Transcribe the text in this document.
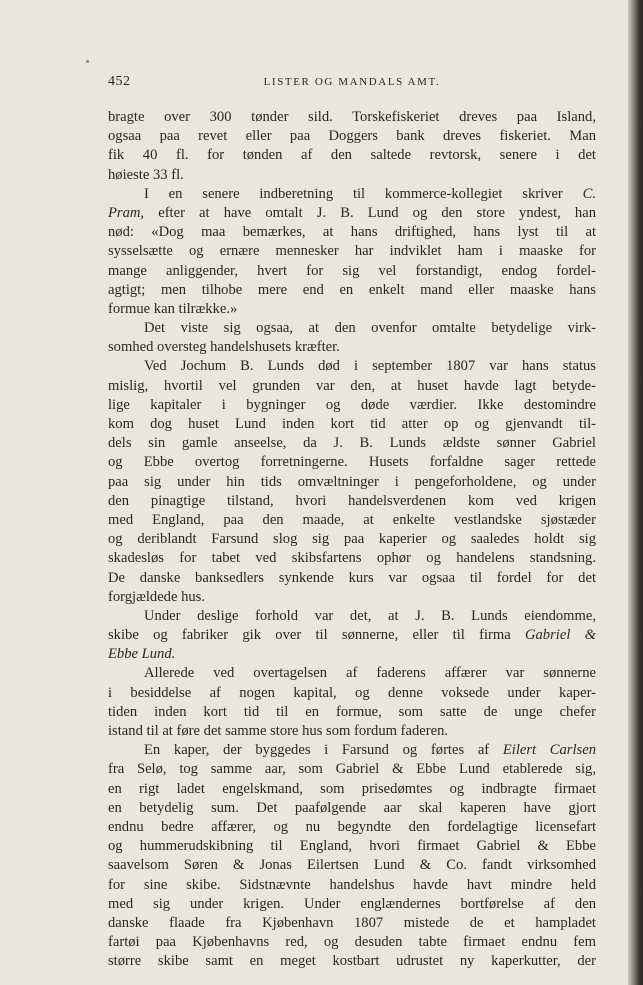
452	LISTER OG MANDALS AMT.
bragte over 300 tønder sild. Torskefiskeriet dreves paa Island,
ogsaa paa revet eller paa Doggers bank dreves fiskeriet. Man
fik 40 fl. for tønden af den saltede revtorsk, senere i det
høieste 33 fl.
I en senere indberetning til kommerce-kollegiet skriver C.
Pram, efter at have omtalt J. B. Lund og den store yndest, han
nød: «Dog maa bemærkes, at hans driftighed, hans lyst til at
sysselsætte og ernære mennesker har indviklet ham i maaske for
mange anliggender, hvert for sig vel forstandigt, endog fordel-
agtigt; men tilhobe mere end en enkelt mand eller maaske hans
formue kan tilrække.»
Det viste sig ogsaa, at den ovenfor omtalte betydelige virk-
somhed oversteg handelshusets kræfter.
Ved Jochum B. Lunds død i september 1807 var hans status
mislig, hvortil vel grunden var den, at huset havde lagt betyde-
lige kapitaler i bygninger og døde værdier. Ikke destomindre
kom dog huset Lund inden kort tid atter op og gjenvandt til-
dels sin gamle anseelse, da J. B. Lunds ældste sønner Gabriel
og Ebbe overtog forretningerne. Husets forfaldne sager rettede
paa sig under hin tids omvæltninger i pengeforholdene, og under
den pinagtige tilstand, hvori handelsverdenen kom ved krigen
med England, paa den maade, at enkelte vestlandske sjøstæder
og deriblandt Farsund slog sig paa kaperier og saaledes holdt sig
skadesløs for tabet ved skibsfartens ophør og handelens standsning.
De danske banksedlers synkende kurs var ogsaa til fordel for det
forgjældede hus.
Under deslige forhold var det, at J. B. Lunds eiendomme,
skibe og fabriker gik over til sønnerne, eller til firma Gabriel &
Ebbe Lund.
Allerede ved overtagelsen af faderens affærer var sønnerne
i besiddelse af nogen kapital, og denne voksede under kaper-
tiden inden kort tid til en formue, som satte de unge chefer
istand til at føre det samme store hus som fordum faderen.
En kaper, der byggedes i Farsund og førtes af Eilert Carlsen
fra Selø, tog samme aar, som Gabriel & Ebbe Lund etablerede sig,
en rigt ladet engelskmand, som prisedømtes og indbragte firmaet
en betydelig sum. Det paafølgende aar skal kaperen have gjort
endnu bedre affærer, og nu begyndte den fordelagtige licensefart
og hummerudskibning til England, hvori firmaet Gabriel & Ebbe
saavelsom Søren & Jonas Eilertsen Lund & Co. fandt virksomhed
for sine skibe. Sidstnævnte handelshus havde havt mindre held
med sig under krigen. Under englændernes bortførelse af den
danske flaade fra Kjøbenhavn 1807 mistede de et hampladet
fartøi paa Kjøbenhavns red, og desuden tabte firmaet endnu fem
større skibe samt en meget kostbart udrustet ny kaperkutter, der
